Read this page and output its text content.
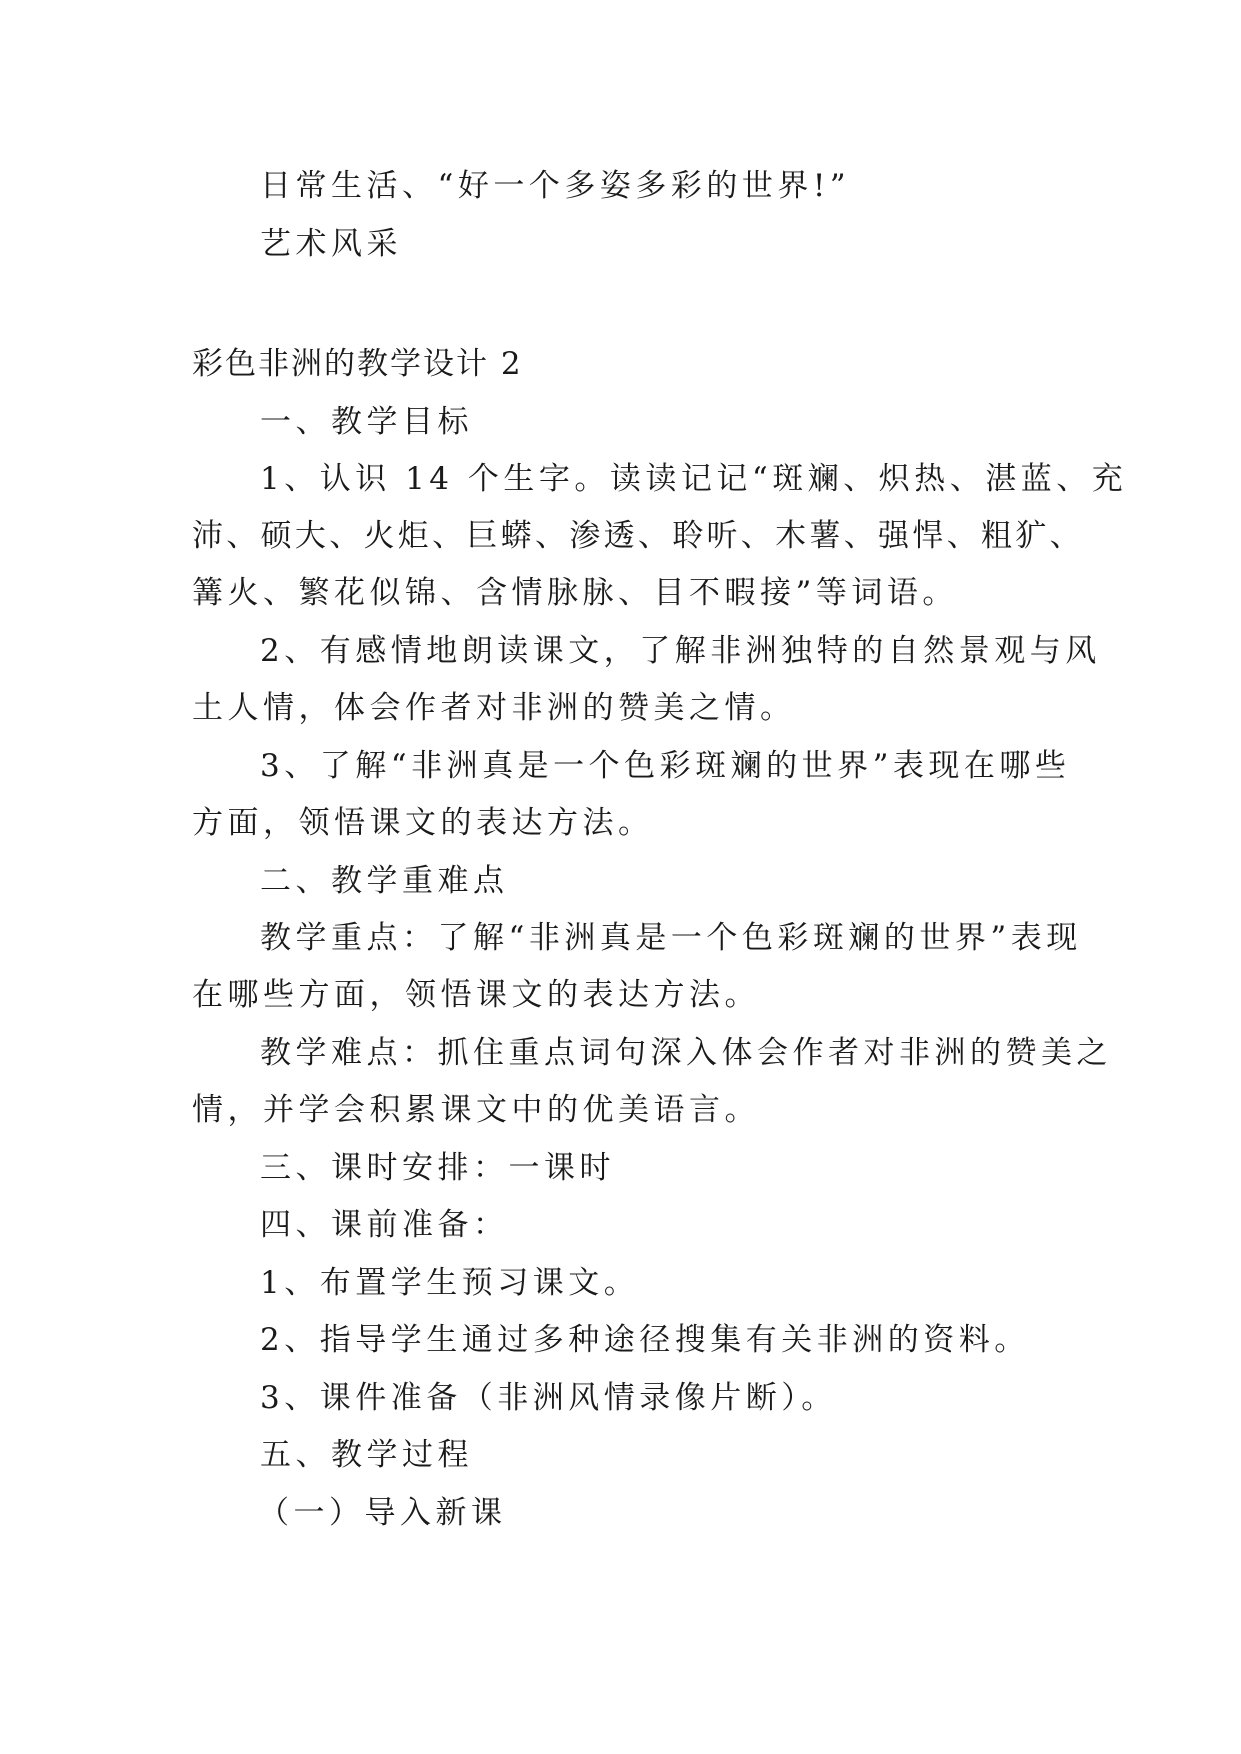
日常生活、“好一个多姿多彩的世界!”
艺术风采
彩色非洲的教学设计 2
一、教学目标
1、认识 14 个生字。读读记记“斑斓、炽热、湛蓝、充
沛、硕大、火炬、巨蟒、渗透、聆听、木薯、强悍、粗犷、
篝火、繁花似锦、含情脉脉、目不暇接”等词语。
2、有感情地朗读课文，了解非洲独特的自然景观与风
土人情，体会作者对非洲的赞美之情。
3、了解“非洲真是一个色彩斑斓的世界”表现在哪些
方面，领悟课文的表达方法。
二、教学重难点
教学重点：了解“非洲真是一个色彩斑斓的世界”表现
在哪些方面，领悟课文的表达方法。
教学难点：抓住重点词句深入体会作者对非洲的赞美之
情，并学会积累课文中的优美语言。
三、课时安排：一课时
四、课前准备：
1、布置学生预习课文。
2、指导学生通过多种途径搜集有关非洲的资料。
3、课件准备（非洲风情录像片断）。
五、教学过程
（一）导入新课
